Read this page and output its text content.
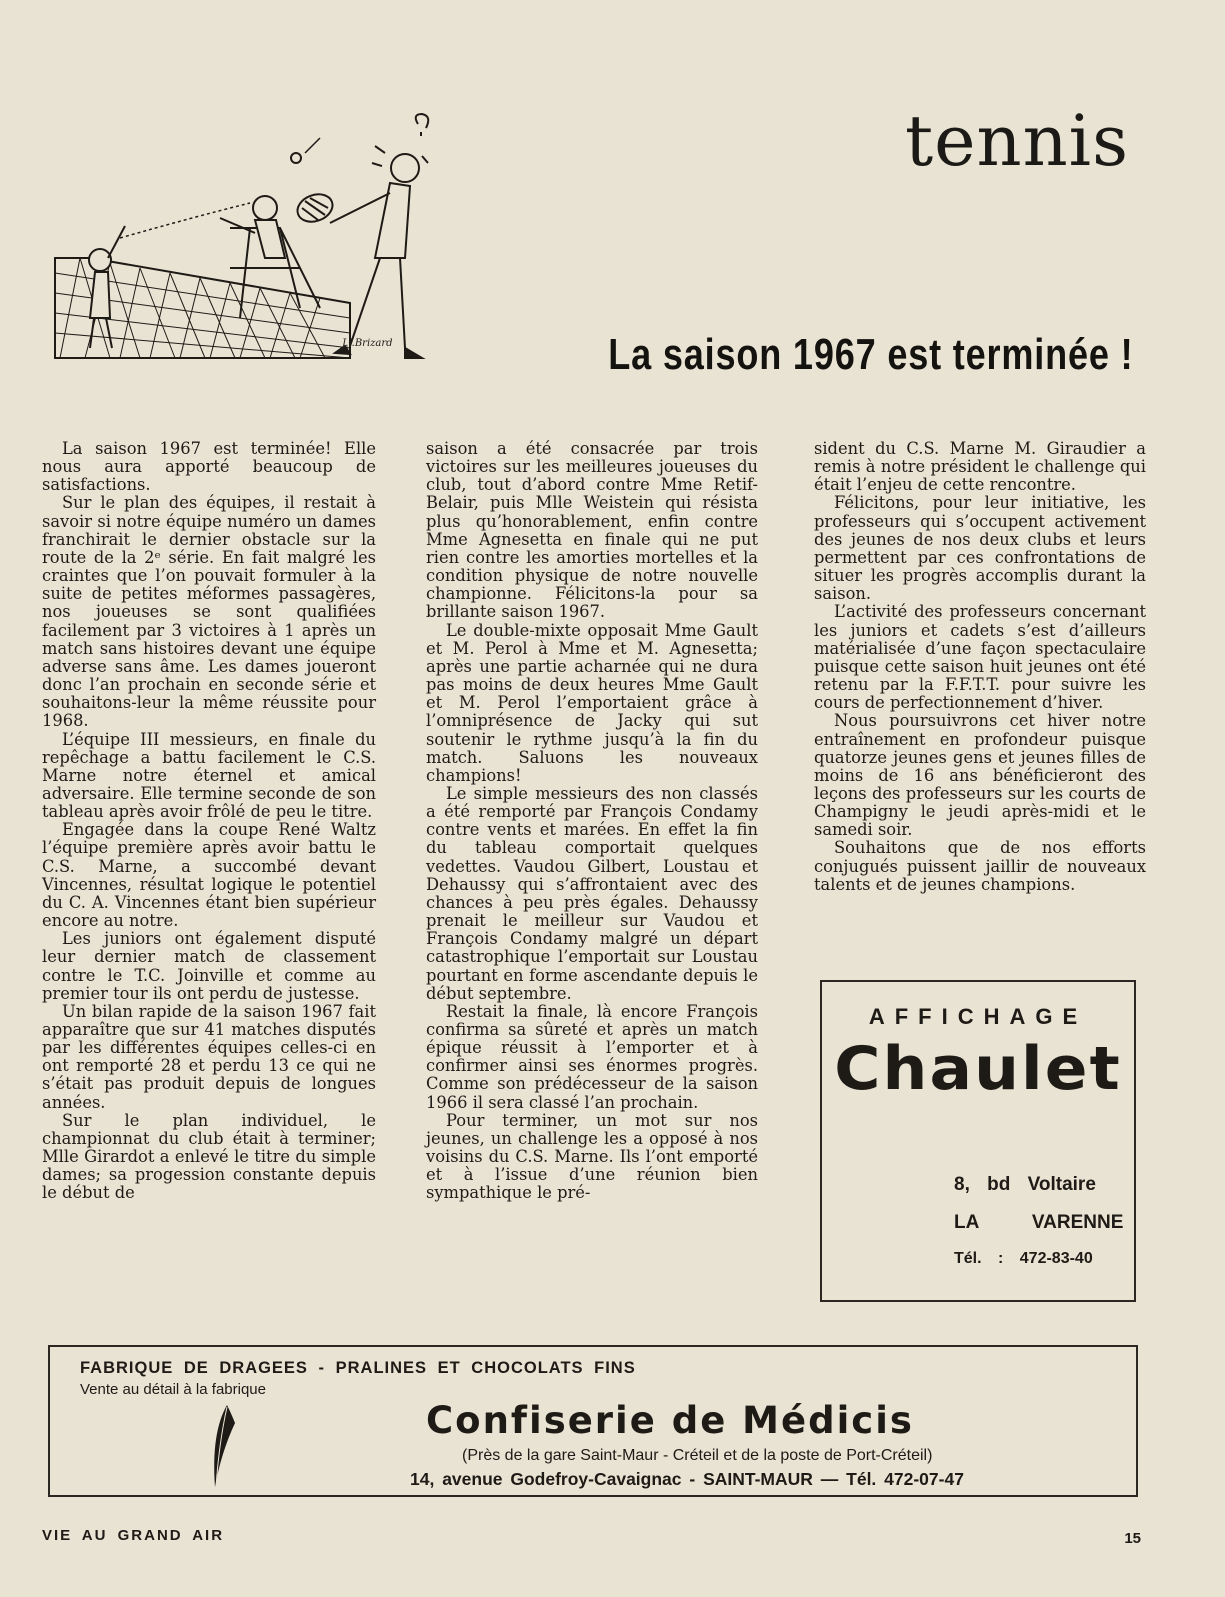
tennis
J.J.Brizard	La saison 1967 est terminée !

La saison 1967 est terminée! Elle nous aura apporté beaucoup de satisfactions.

Sur le plan des équipes, il restait à savoir si notre équipe numéro un dames franchirait le dernier obstacle sur la route de la 2ᵉ série. En fait malgré les craintes que l’on pouvait formuler à la suite de petites méformes passagères, nos joueuses se sont qualifiées facilement par 3 victoires à 1 après un match sans histoires devant une équipe adverse sans âme. Les dames joueront donc l’an prochain en seconde série et souhaitons-leur la même réussite pour 1968.

L’équipe III messieurs, en finale du repêchage a battu facilement le C.S. Marne notre éternel et amical adversaire. Elle termine seconde de son tableau après avoir frôlé de peu le titre.

Engagée dans la coupe René Waltz l’équipe première après avoir battu le C.S. Marne, a succombé devant Vincennes, résultat logique le potentiel du C. A. Vincennes étant bien supérieur encore au notre.

Les juniors ont également disputé leur dernier match de classement contre le T.C. Joinville et comme au premier tour ils ont perdu de justesse.

Un bilan rapide de la saison 1967 fait apparaître que sur 41 matches disputés par les différentes équipes celles-ci en ont remporté 28 et perdu 13 ce qui ne s’était pas produit depuis de longues années.

Sur le plan individuel, le championnat du club était à terminer; Mlle Girardot a enlevé le titre du simple dames; sa progession constante depuis le début de

saison a été consacrée par trois victoires sur les meilleures joueuses du club, tout d’abord contre Mme Retif-Belair, puis Mlle Weistein qui résista plus qu’honorablement, enfin contre Mme Agnesetta en finale qui ne put rien contre les amorties mortelles et la condition physique de notre nouvelle championne. Félicitons-la pour sa brillante saison 1967.

Le double-mixte opposait Mme Gault et M. Perol à Mme et M. Agnesetta; après une partie acharnée qui ne dura pas moins de deux heures Mme Gault et M. Perol l’emportaient grâce à l’omniprésence de Jacky qui sut soutenir le rythme jusqu’à la fin du match. Saluons les nouveaux champions!

Le simple messieurs des non classés a été remporté par François Condamy contre vents et marées. En effet la fin du tableau comportait quelques vedettes. Vaudou Gilbert, Loustau et Dehaussy qui s’affrontaient avec des chances à peu près égales. Dehaussy prenait le meilleur sur Vaudou et François Condamy malgré un départ catastrophique l’emportait sur Loustau pourtant en forme ascendante depuis le début septembre.

Restait la finale, là encore François confirma sa sûreté et après un match épique réussit à l’emporter et à confirmer ainsi ses énormes progrès. Comme son prédécesseur de la saison 1966 il sera classé l’an prochain.

Pour terminer, un mot sur nos jeunes, un challenge les a opposé à nos voisins du C.S. Marne. Ils l’ont emporté et à l’issue d’une réunion bien sympathique le pré-

sident du C.S. Marne M. Giraudier a remis à notre président le challenge qui était l’enjeu de cette rencontre.

Félicitons, pour leur initiative, les professeurs qui s’occupent activement des jeunes de nos deux clubs et leurs permettent par ces confrontations de situer les progrès accomplis durant la saison.

L’activité des professeurs concernant les juniors et cadets s’est d’ailleurs matérialisée d’une façon spectaculaire puisque cette saison huit jeunes ont été retenu par la F.F.T.T. pour suivre les cours de perfectionnement d’hiver.

Nous poursuivrons cet hiver notre entraînement en profondeur puisque quatorze jeunes gens et jeunes filles de moins de 16 ans bénéficieront des leçons des professeurs sur les courts de Champigny le jeudi après-midi et le samedi soir.

Souhaitons que de nos efforts conjugués puissent jaillir de nouveaux talents et de jeunes champions.

AFFICHAGE
Chaulet
8, bd Voltaire
LA VARENNE
Tél. : 472-83-40
FABRIQUE DE DRAGEES - PRALINES ET CHOCOLATS FINS
Vente au détail à la fabrique
Confiserie de Médicis
(Près de la gare Saint-Maur - Créteil et de la poste de Port-Créteil)
14, avenue Godefroy-Cavaignac - SAINT-MAUR — Tél. 472-07-47
VIE AU GRAND AIR	15
